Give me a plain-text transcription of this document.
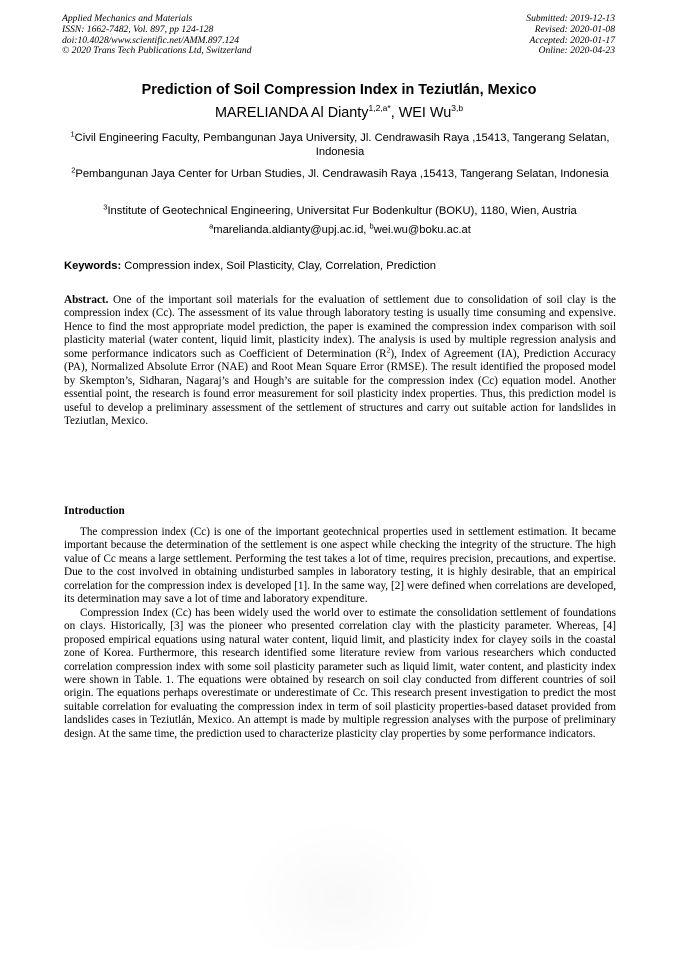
Applied Mechanics and Materials
ISSN: 1662-7482, Vol. 897, pp 124-128
doi:10.4028/www.scientific.net/AMM.897.124
© 2020 Trans Tech Publications Ltd, Switzerland
Submitted: 2019-12-13
Revised: 2020-01-08
Accepted: 2020-01-17
Online: 2020-04-23
Prediction of Soil Compression Index in Teziutlán, Mexico
MARELIANDA Al Dianty$^{1,2,a*}$, WEI Wu$^{3,b}$
$^1$Civil Engineering Faculty, Pembangunan Jaya University, Jl. Cendrawasih Raya ,15413, Tangerang Selatan, Indonesia
$^2$Pembangunan Jaya Center for Urban Studies, Jl. Cendrawasih Raya ,15413, Tangerang Selatan, Indonesia
$^3$Institute of Geotechnical Engineering, Universitat Fur Bodenkultur (BOKU), 1180, Wien, Austria
$^a$marelianda.aldianty@upj.ac.id, $^b$wei.wu@boku.ac.at
Keywords: Compression index, Soil Plasticity, Clay, Correlation, Prediction
Abstract. One of the important soil materials for the evaluation of settlement due to consolidation of soil clay is the compression index (Cc). The assessment of its value through laboratory testing is usually time consuming and expensive. Hence to find the most appropriate model prediction, the paper is examined the compression index comparison with soil plasticity material (water content, liquid limit, plasticity index). The analysis is used by multiple regression analysis and some performance indicators such as Coefficient of Determination $(R^2)$, Index of Agreement (IA), Prediction Accuracy (PA), Normalized Absolute Error (NAE) and Root Mean Square Error (RMSE). The result identified the proposed model by Skempton’s, Sidharan, Nagaraj’s and Hough’s are suitable for the compression index (Cc) equation model. Another essential point, the research is found error measurement for soil plasticity index properties. Thus, this prediction model is useful to develop a preliminary assessment of the settlement of structures and carry out suitable action for landslides in Teziutlan, Mexico.
Introduction

The compression index (Cc) is one of the important geotechnical properties used in settlement estimation. It became important because the determination of the settlement is one aspect while checking the integrity of the structure. The high value of Cc means a large settlement. Performing the test takes a lot of time, requires precision, precautions, and expertise. Due to the cost involved in obtaining undisturbed samples in laboratory testing, it is highly desirable, that an empirical correlation for the compression index is developed [1]. In the same way, [2] were defined when correlations are developed, its determination may save a lot of time and laboratory expenditure.

Compression Index (Cc) has been widely used the world over to estimate the consolidation settlement of foundations on clays. Historically, [3] was the pioneer who presented correlation clay with the plasticity parameter. Whereas, [4] proposed empirical equations using natural water content, liquid limit, and plasticity index for clayey soils in the coastal zone of Korea. Furthermore, this research identified some literature review from various researchers which conducted correlation compression index with some soil plasticity parameter such as liquid limit, water content, and plasticity index were shown in Table. 1. The equations were obtained by research on soil clay conducted from different countries of soil origin. The equations perhaps overestimate or underestimate of Cc. This research present investigation to predict the most suitable correlation for evaluating the compression index in term of soil plasticity properties-based dataset provided from landslides cases in Teziutlán, Mexico. An attempt is made by multiple regression analyses with the purpose of preliminary design. At the same time, the prediction used to characterize plasticity clay properties by some performance indicators.
